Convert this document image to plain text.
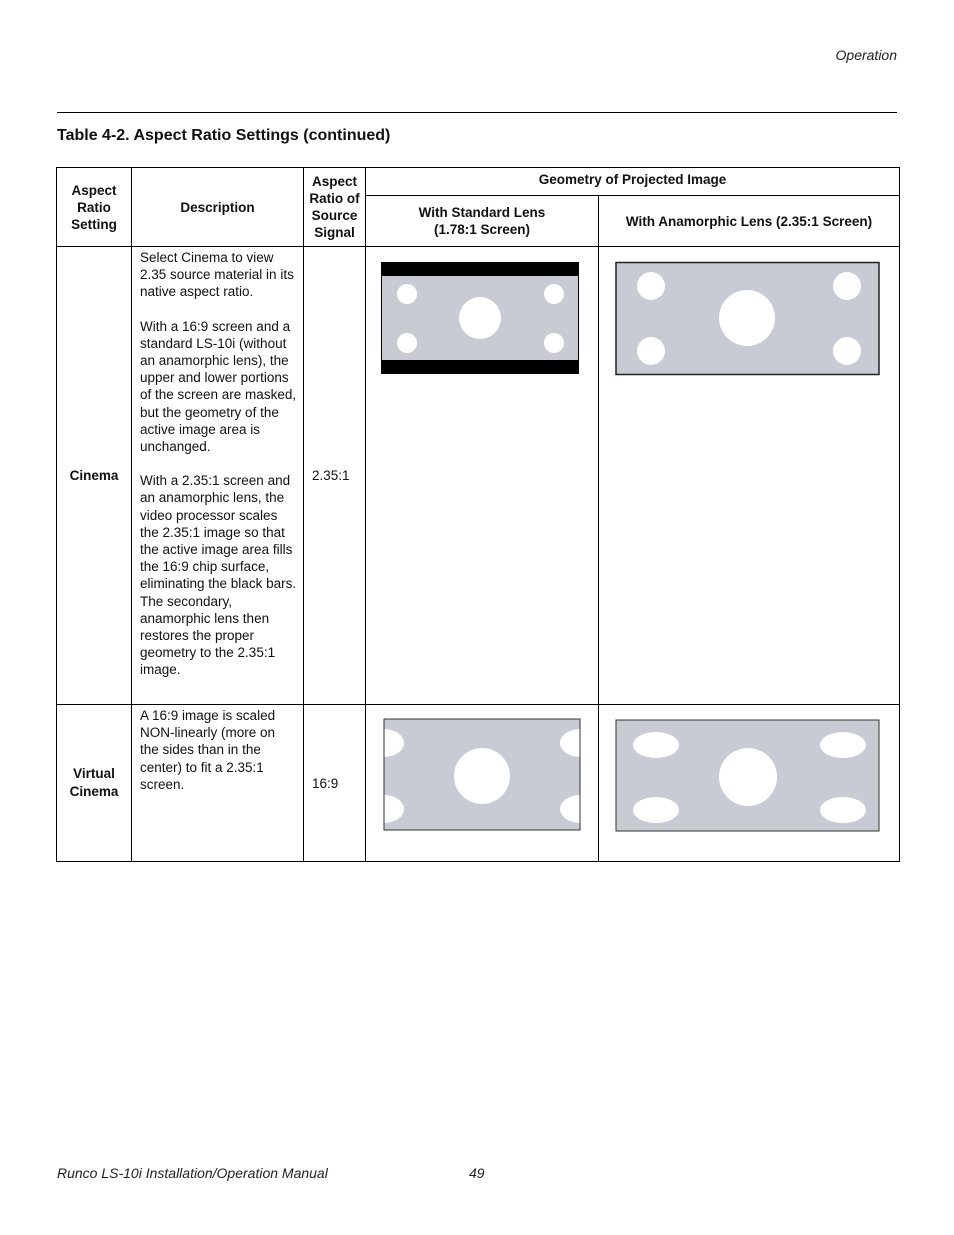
Operation
Table 4-2. Aspect Ratio Settings (continued)
Aspect Ratio Setting	Description	Aspect Ratio of Source Signal	Geometry of Projected Image	

			With Standard Lens (1.78:1 Screen)	With Anamorphic Lens (2.35:1 Screen)
Cinema	Select Cinema to view 2.35 source material in its native aspect ratio.

With a 16:9 screen and a standard LS-10i (without an anamorphic lens), the upper and lower portions of the screen are masked, but the geometry of the active image area is unchanged.

With a 2.35:1 screen and an anamorphic lens, the video processor scales the 2.35:1 image so that the active image area fills the 16:9 chip surface, eliminating the black bars. The secondary, anamorphic lens then restores the proper geometry to the 2.35:1 image.	2.35:1	

Virtual Cinema	A 16:9 image is scaled NON-linearly (more on the sides than in the center) to fit a 2.35:1 screen.	16:9	

Runco LS-10i Installation/Operation Manual	49
